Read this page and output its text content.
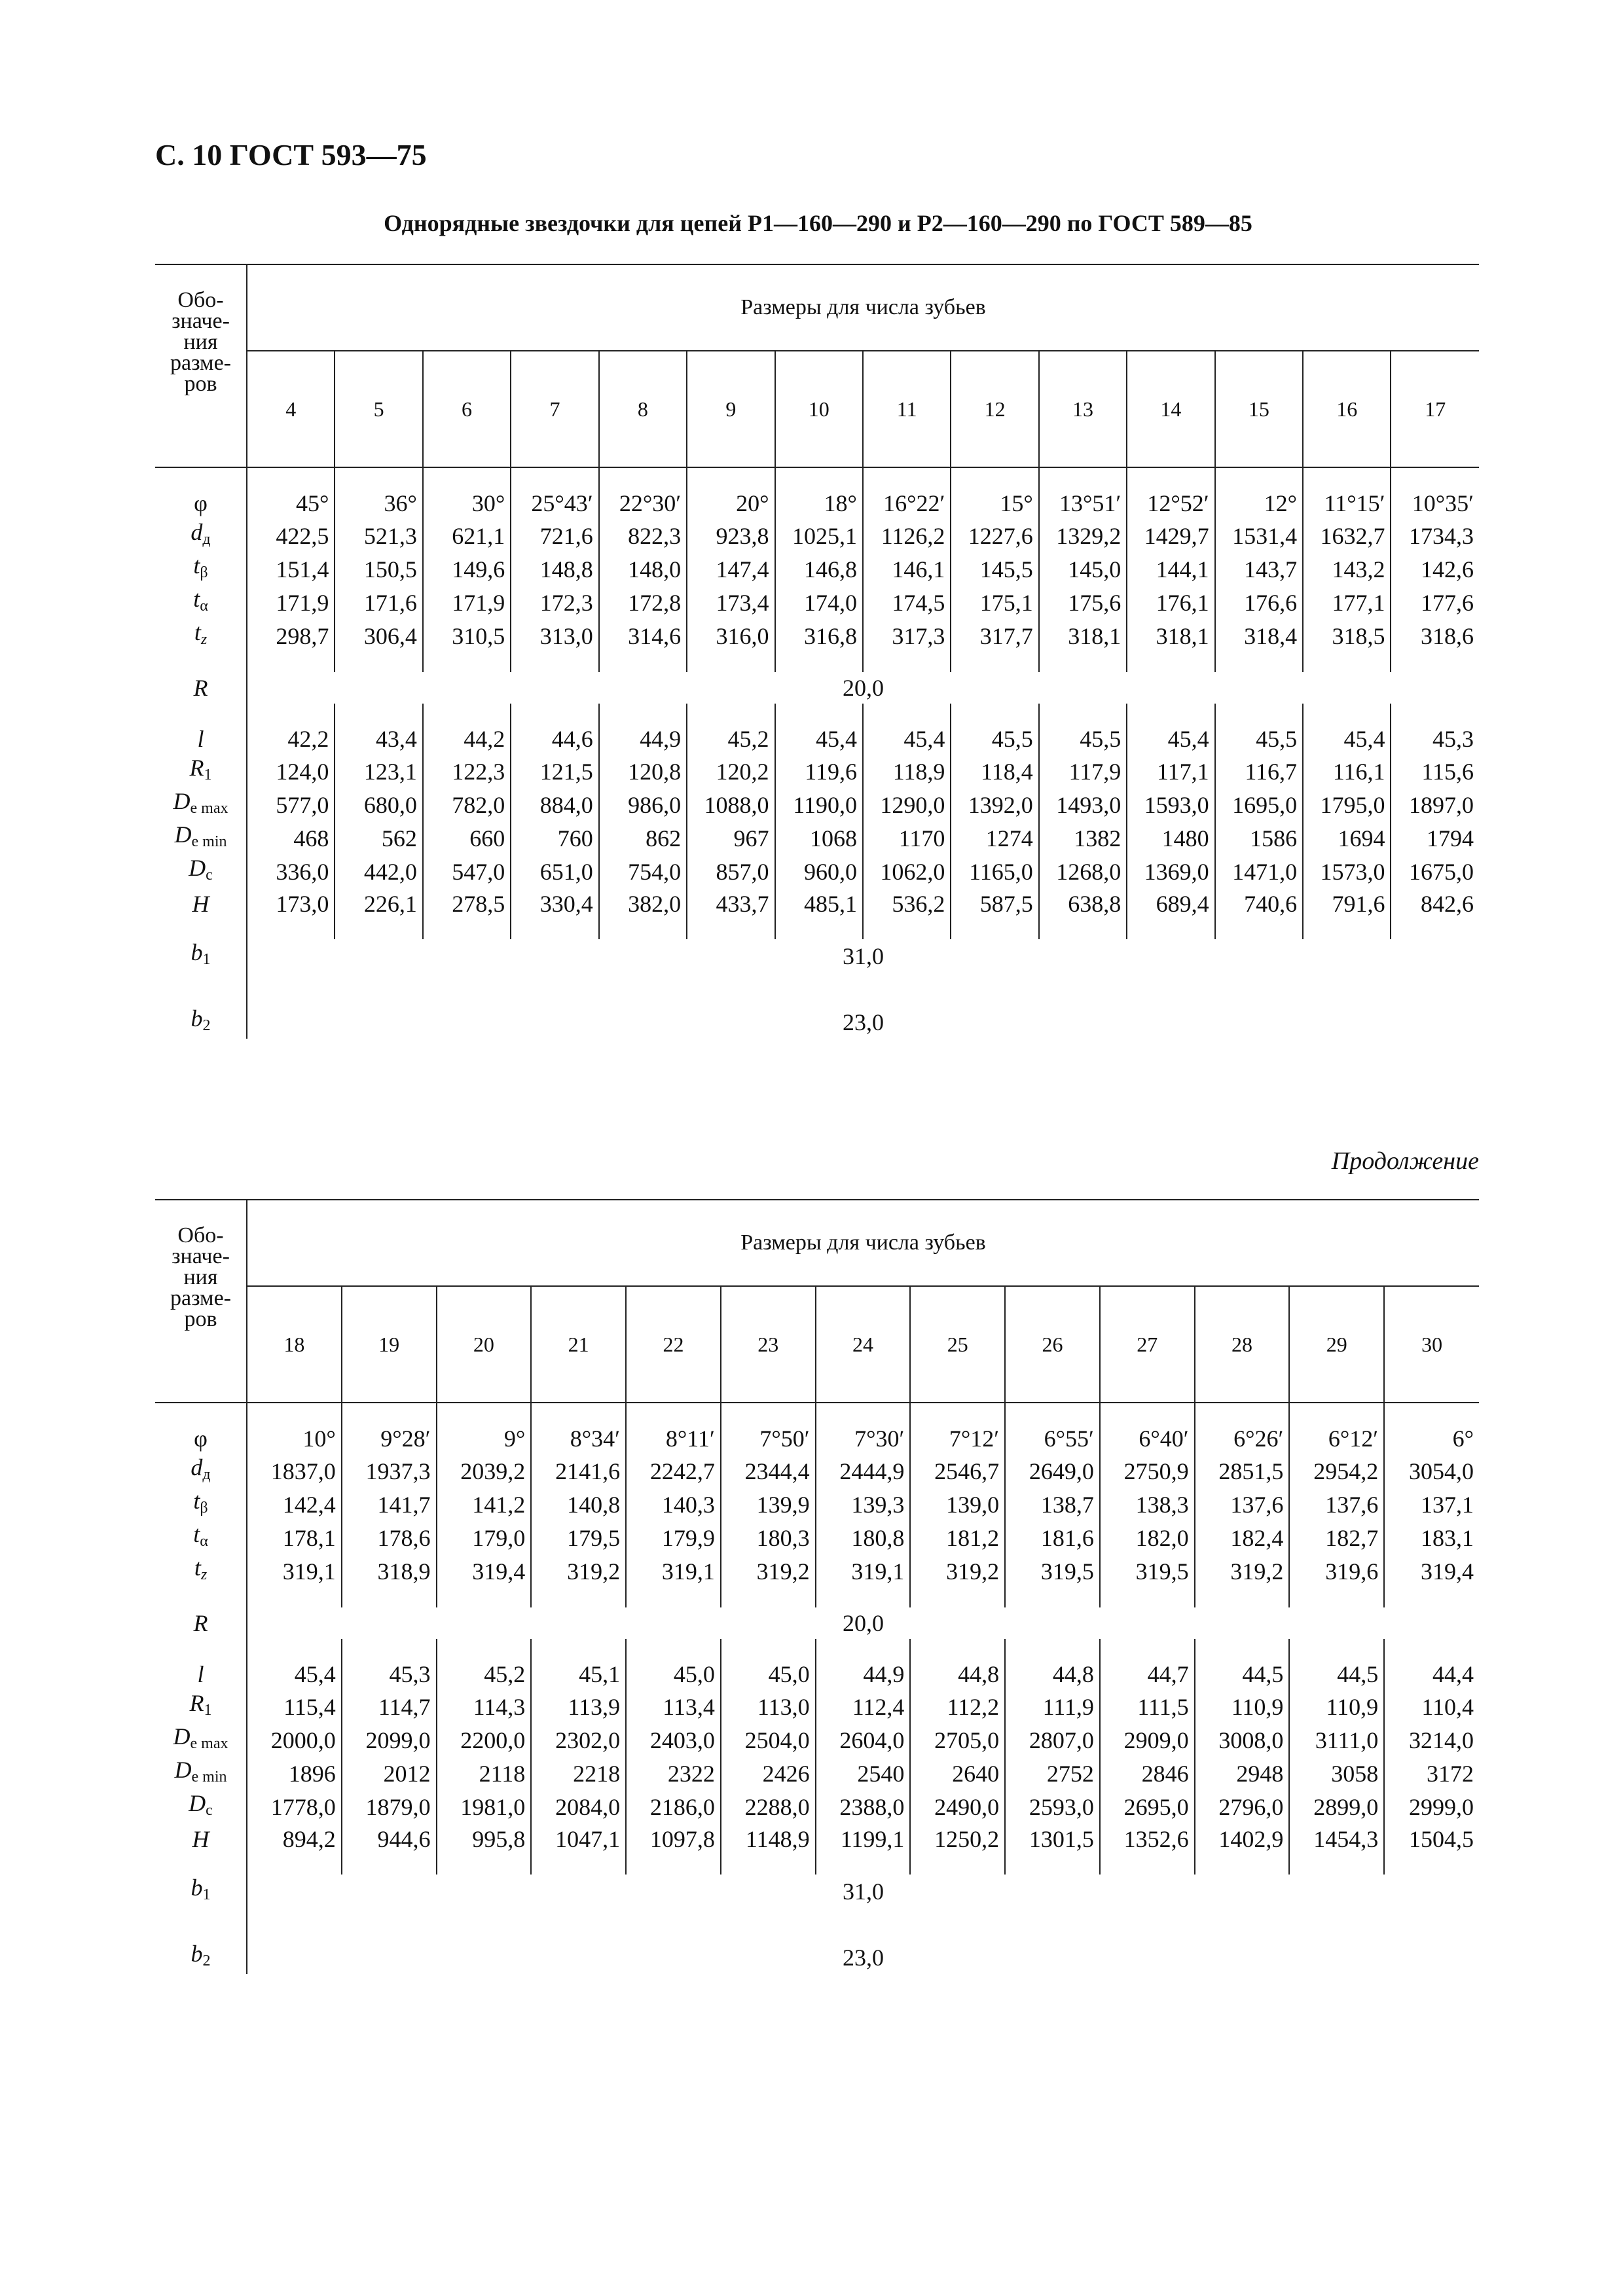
С. 10 ГОСТ 593—75
Однорядные звездочки для цепей Р1—160—290 и Р2—160—290 по ГОСТ 589—85
Обо-
значе-
ния
разме-
ров	Размеры для числа зубьев													
	4	5	6	7	8	9	10	11	12	13	14	15	16	17

φ	45°	36°	30°	25°43′	22°30′	20°	18°	16°22′	15°	13°51′	12°52′	12°	11°15′	10°35′
$d_д$	422,5	521,3	621,1	721,6	822,3	923,8	1025,1	1126,2	1227,6	1329,2	1429,7	1531,4	1632,7	1734,3
$t_\beta$	151,4	150,5	149,6	148,8	148,0	147,4	146,8	146,1	145,5	145,0	144,1	143,7	143,2	142,6
$t_\alpha$	171,9	171,6	171,9	172,3	172,8	173,4	174,0	174,5	175,1	175,6	176,1	176,6	177,1	177,6
$t_z$	298,7	306,4	310,5	313,0	314,6	316,0	316,8	317,3	317,7	318,1	318,1	318,4	318,5	318,6

R	20,0													

l	42,2	43,4	44,2	44,6	44,9	45,2	45,4	45,4	45,5	45,5	45,4	45,5	45,4	45,3
$R_1$	124,0	123,1	122,3	121,5	120,8	120,2	119,6	118,9	118,4	117,9	117,1	116,7	116,1	115,6
$D_{e max}$	577,0	680,0	782,0	884,0	986,0	1088,0	1190,0	1290,0	1392,0	1493,0	1593,0	1695,0	1795,0	1897,0
$D_{e min}$	468	562	660	760	862	967	1068	1170	1274	1382	1480	1586	1694	1794
$D_c$	336,0	442,0	547,0	651,0	754,0	857,0	960,0	1062,0	1165,0	1268,0	1369,0	1471,0	1573,0	1675,0
H	173,0	226,1	278,5	330,4	382,0	433,7	485,1	536,2	587,5	638,8	689,4	740,6	791,6	842,6

$b_1$	31,0													

$b_2$	23,0													
Продолжение
Обо-
значе-
ния
разме-
ров	Размеры для числа зубьев												
	18	19	20	21	22	23	24	25	26	27	28	29	30

φ	10°	9°28′	9°	8°34′	8°11′	7°50′	7°30′	7°12′	6°55′	6°40′	6°26′	6°12′	6°
$d_д$	1837,0	1937,3	2039,2	2141,6	2242,7	2344,4	2444,9	2546,7	2649,0	2750,9	2851,5	2954,2	3054,0
$t_\beta$	142,4	141,7	141,2	140,8	140,3	139,9	139,3	139,0	138,7	138,3	137,6	137,6	137,1
$t_\alpha$	178,1	178,6	179,0	179,5	179,9	180,3	180,8	181,2	181,6	182,0	182,4	182,7	183,1
$t_z$	319,1	318,9	319,4	319,2	319,1	319,2	319,1	319,2	319,5	319,5	319,2	319,6	319,4

R	20,0												

l	45,4	45,3	45,2	45,1	45,0	45,0	44,9	44,8	44,8	44,7	44,5	44,5	44,4
$R_1$	115,4	114,7	114,3	113,9	113,4	113,0	112,4	112,2	111,9	111,5	110,9	110,9	110,4
$D_{e max}$	2000,0	2099,0	2200,0	2302,0	2403,0	2504,0	2604,0	2705,0	2807,0	2909,0	3008,0	3111,0	3214,0
$D_{e min}$	1896	2012	2118	2218	2322	2426	2540	2640	2752	2846	2948	3058	3172
$D_c$	1778,0	1879,0	1981,0	2084,0	2186,0	2288,0	2388,0	2490,0	2593,0	2695,0	2796,0	2899,0	2999,0
H	894,2	944,6	995,8	1047,1	1097,8	1148,9	1199,1	1250,2	1301,5	1352,6	1402,9	1454,3	1504,5

$b_1$	31,0												

$b_2$	23,0												
